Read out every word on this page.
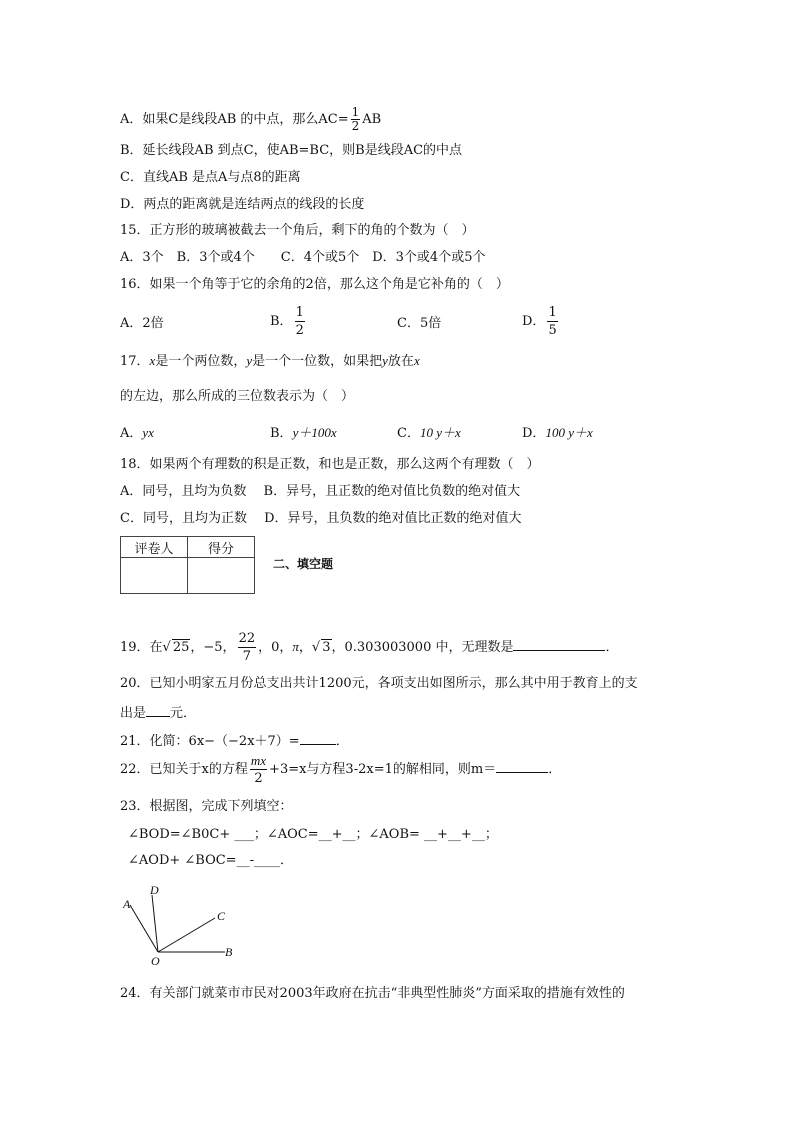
A．如果C是线段AB 的中点，那么$AC= \frac{1}{2}$ AB
B．延长线段AB 到点C，使AB=BC，则B是线段AC的中点
C．直线AB 是点A与点8的距离
D．两点的距离就是连结两点的线段的长度
15．正方形的玻璃被截去一个角后，剩下的角的个数为（　）
A．3个　B．3个或4个　　C．4个或5个　D．3个或4个或5个
16．如果一个角等于它的余角的2倍，那么这个角是它补角的（　）
A．2倍	B． $\frac{1}{2}$	C．5倍	D． $\frac{1}{5}$
17．x是一个两位数，y是一个一位数，如果把y放在x
的左边，那么所成的三位数表示为（　）
A．yx	B．y＋100x	C．10 y＋x	D．100 y＋x
18．如果两个有理数的积是正数，和也是正数，那么这两个有理数（　）
A．同号，且均为负数　 B．异号，且正数的绝对值比负数的绝对值大
C．同号，且均为正数　 D．异号，且负数的绝对值比正数的绝对值大
评卷人	得分

二、填空题
19．在√ 25，−5， $\frac{22}{7}$ ，0，π，√ 3，0.303003000 中，无理数是	．
20．已知小明家五月份总支出共计1200元，各项支出如图所示，那么其中用于教育上的支
出是 元．
21．化简：6x−（−2x＋7）=	．
22．已知关于x的方程 $\frac{mx}{2} +3=x$与方程3-2x=1的解相同，则m＝	．
23．根据图，完成下列填空：
∠BOD=∠B0C+ ___；∠AOC=__+__；∠AOB= __+__+__；
∠AOD+ ∠BOC=__-____．
A
D
C
B
O
24．有关部门就菜市市民对2003年政府在抗击“非典型性肺炎”方面采取的措施有效性的
